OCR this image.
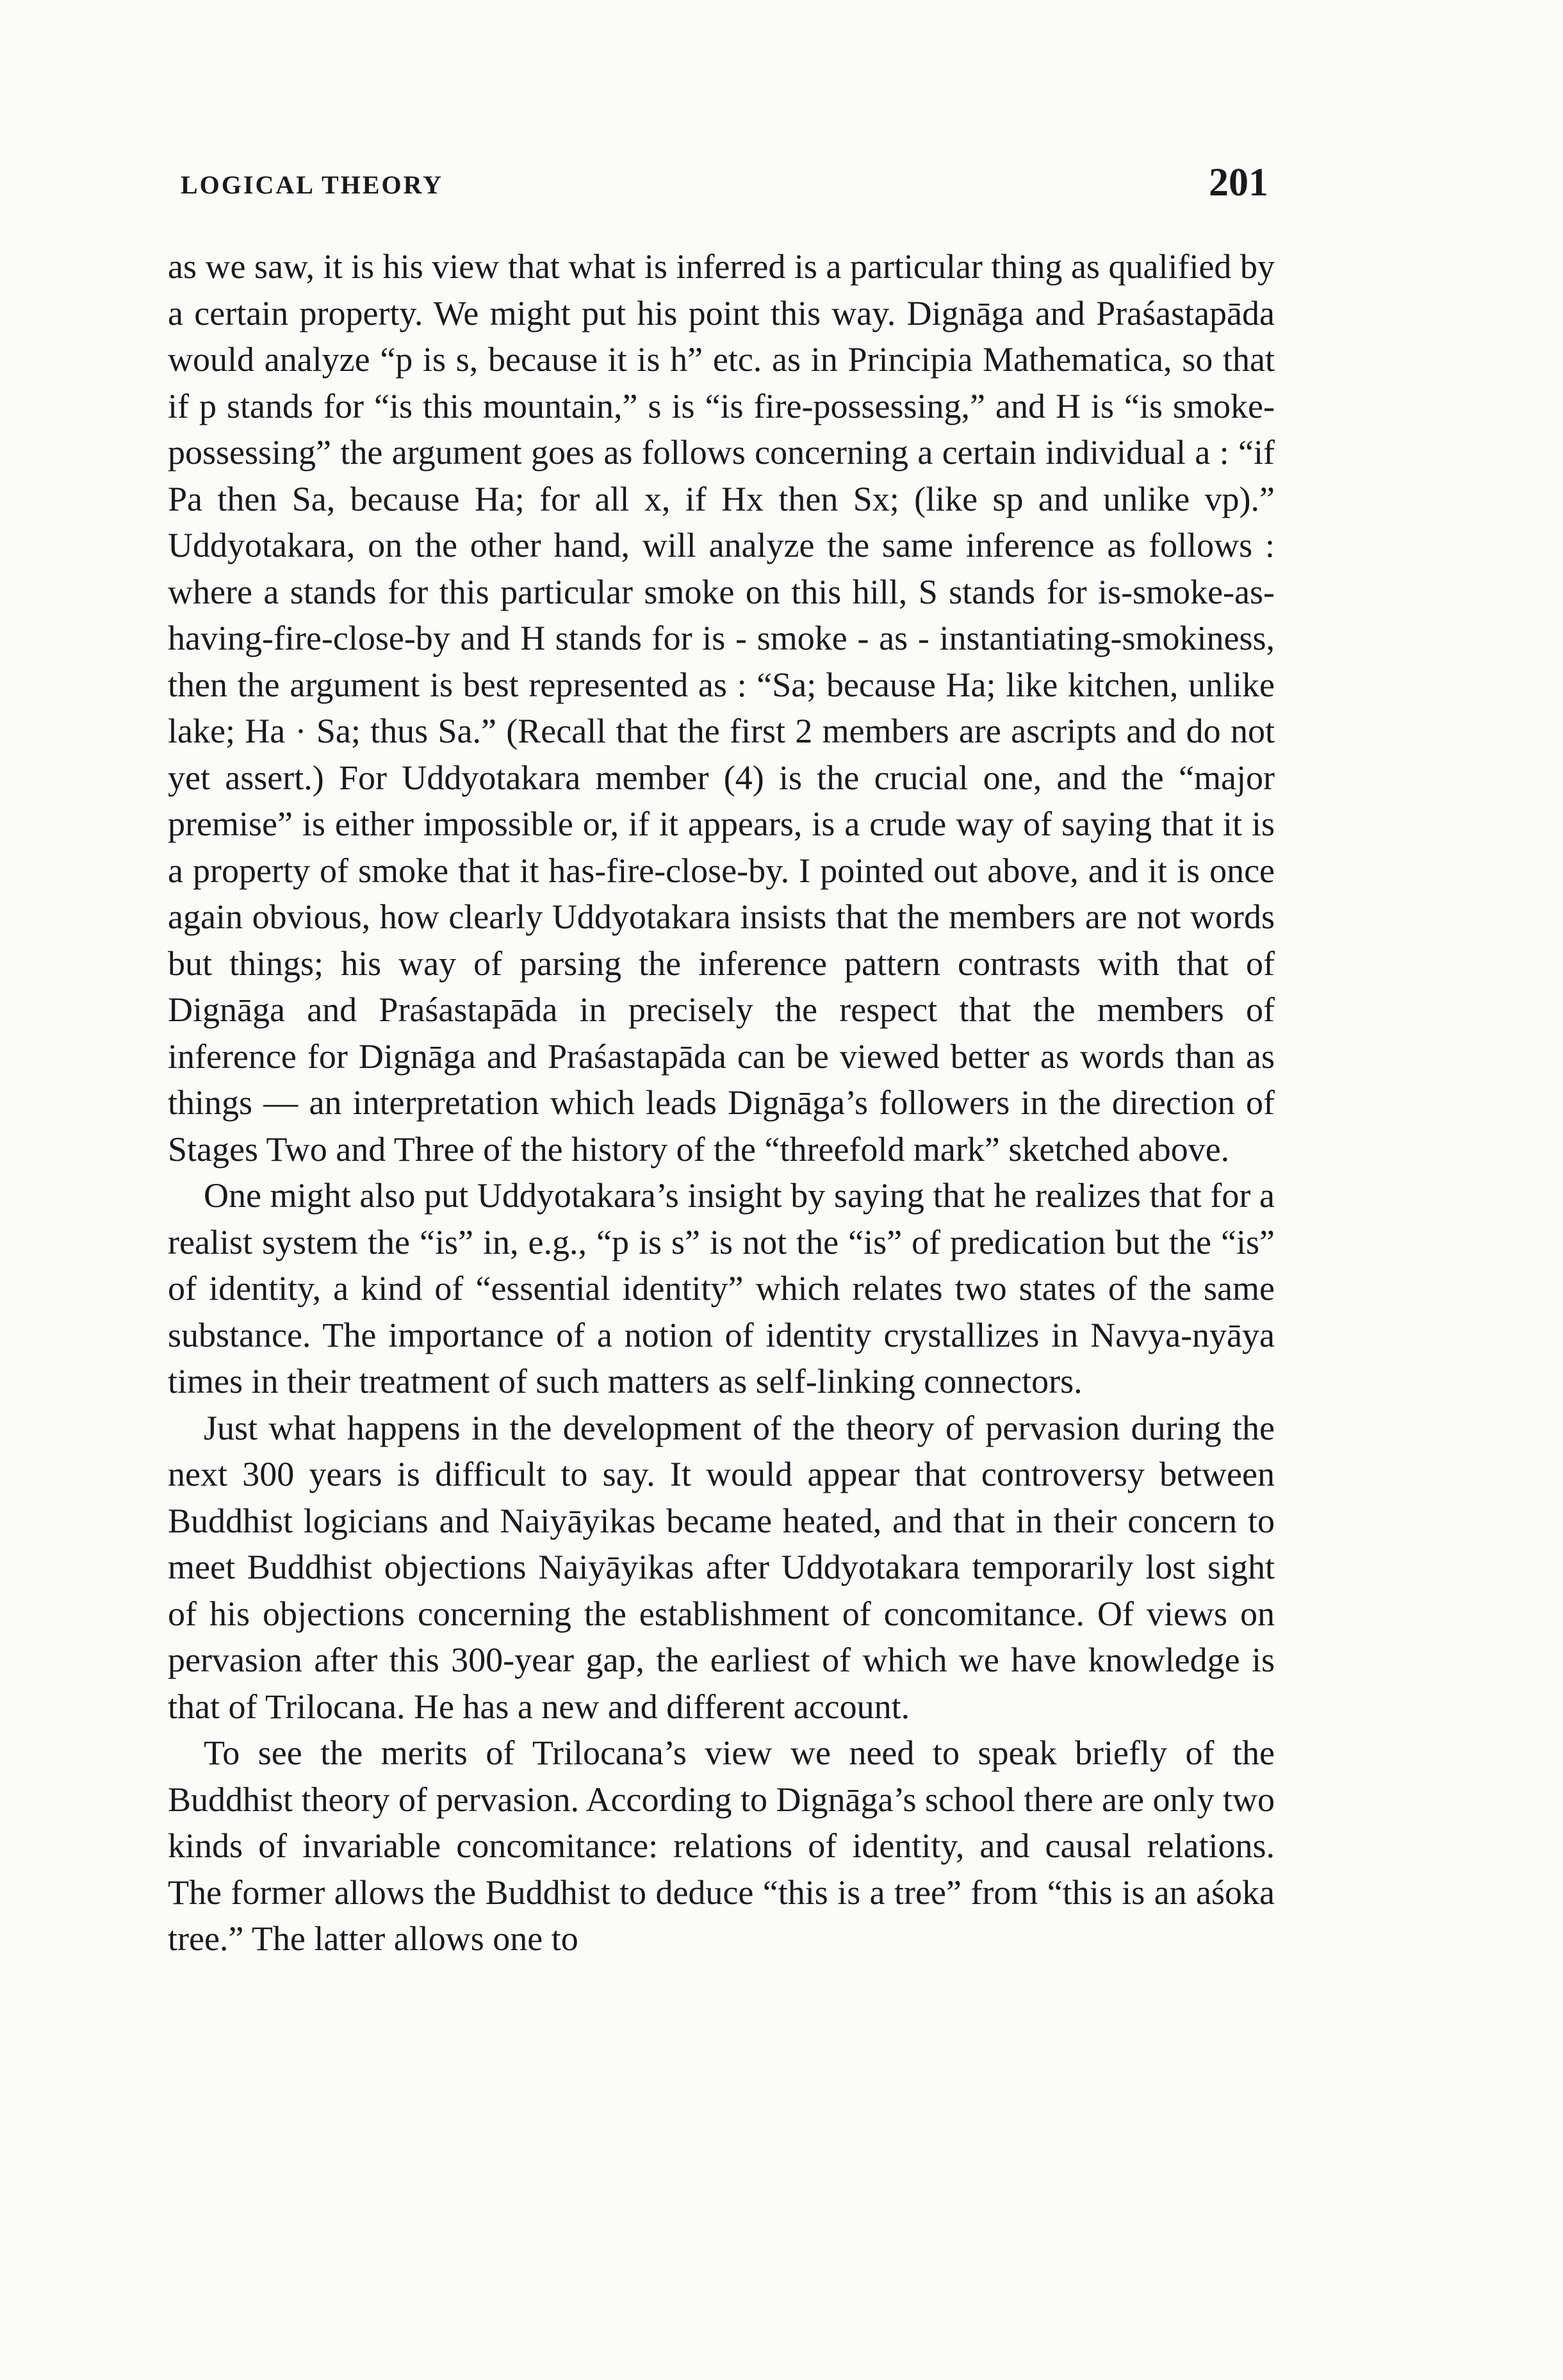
LOGICAL THEORY	201

as we saw, it is his view that what is inferred is a particular thing as qualified by a certain property. We might put his point this way. Dignāga and Praśastapāda would analyze “p is s, because it is h” etc. as in Principia Mathematica, so that if p stands for “is this mountain,” s is “is fire-possessing,” and H is “is smoke-possessing” the argument goes as follows concerning a certain individual a : “if Pa then Sa, because Ha; for all x, if Hx then Sx; (like sp and unlike vp).” Uddyotakara, on the other hand, will analyze the same inference as follows : where a stands for this particular smoke on this hill, S stands for is-smoke-as-having-fire-close-by and H stands for is - smoke - as - instantiating-smokiness, then the argument is best represented as : “Sa; because Ha; like kitchen, unlike lake; Ha · Sa; thus Sa.” (Recall that the first 2 members are ascripts and do not yet assert.) For Uddyotakara member (4) is the crucial one, and the “major premise” is either impossible or, if it appears, is a crude way of saying that it is a property of smoke that it has-fire-close-by. I pointed out above, and it is once again obvious, how clearly Uddyotakara insists that the members are not words but things; his way of parsing the inference pattern contrasts with that of Dignāga and Praśastapāda in precisely the respect that the members of inference for Dignāga and Praśastapāda can be viewed better as words than as things — an interpretation which leads Dignāga’s followers in the direction of Stages Two and Three of the history of the “threefold mark” sketched above.

One might also put Uddyotakara’s insight by saying that he realizes that for a realist system the “is” in, e.g., “p is s” is not the “is” of predication but the “is” of identity, a kind of “essential identity” which relates two states of the same substance. The importance of a notion of identity crystallizes in Navya-nyāya times in their treatment of such matters as self-linking connectors.

Just what happens in the development of the theory of pervasion during the next 300 years is difficult to say. It would appear that controversy between Buddhist logicians and Naiyāyikas became heated, and that in their concern to meet Buddhist objections Naiyāyikas after Uddyotakara temporarily lost sight of his objections concerning the establishment of concomitance. Of views on pervasion after this 300-year gap, the earliest of which we have knowledge is that of Trilocana. He has a new and different account.

To see the merits of Trilocana’s view we need to speak briefly of the Buddhist theory of pervasion. According to Dignāga’s school there are only two kinds of invariable concomitance: relations of identity, and causal relations. The former allows the Buddhist to deduce “this is a tree” from “this is an aśoka tree.” The latter allows one to
